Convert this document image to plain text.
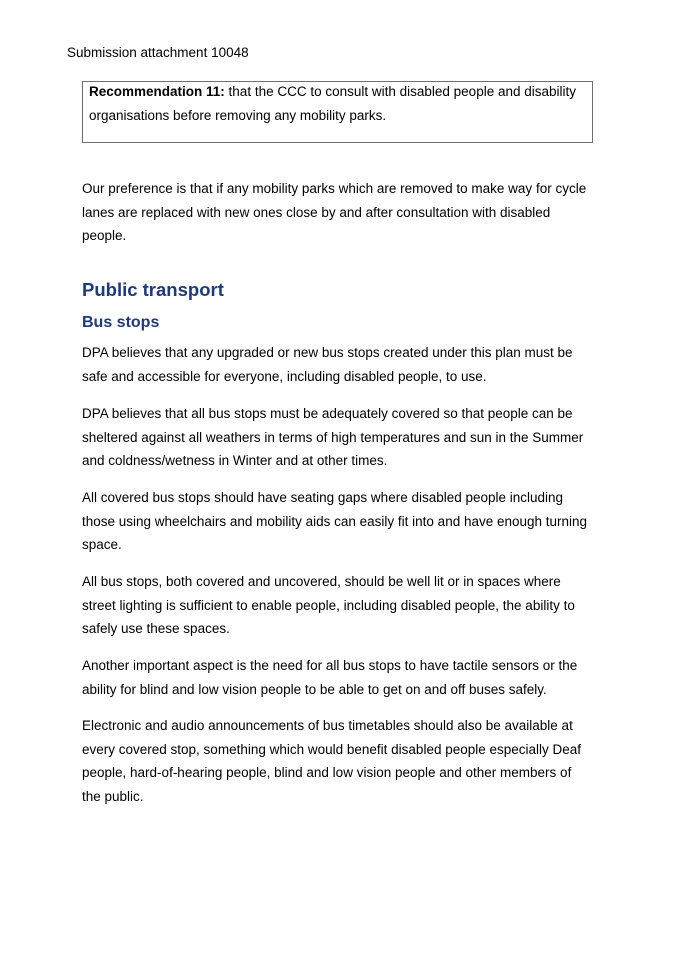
Submission attachment 10048

Recommendation 11: that the CCC to consult with disabled people and disability

organisations before removing any mobility parks.

Our preference is that if any mobility parks which are removed to make way for cycle
lanes are replaced with new ones close by and after consultation with disabled
people.

Public transport
Bus stops

DPA believes that any upgraded or new bus stops created under this plan must be
safe and accessible for everyone, including disabled people, to use.

DPA believes that all bus stops must be adequately covered so that people can be
sheltered against all weathers in terms of high temperatures and sun in the Summer
and coldness/wetness in Winter and at other times.

All covered bus stops should have seating gaps where disabled people including
those using wheelchairs and mobility aids can easily fit into and have enough turning
space.

All bus stops, both covered and uncovered, should be well lit or in spaces where
street lighting is sufficient to enable people, including disabled people, the ability to
safely use these spaces.

Another important aspect is the need for all bus stops to have tactile sensors or the
ability for blind and low vision people to be able to get on and off buses safely.

Electronic and audio announcements of bus timetables should also be available at
every covered stop, something which would benefit disabled people especially Deaf
people, hard-of-hearing people, blind and low vision people and other members of
the public.
